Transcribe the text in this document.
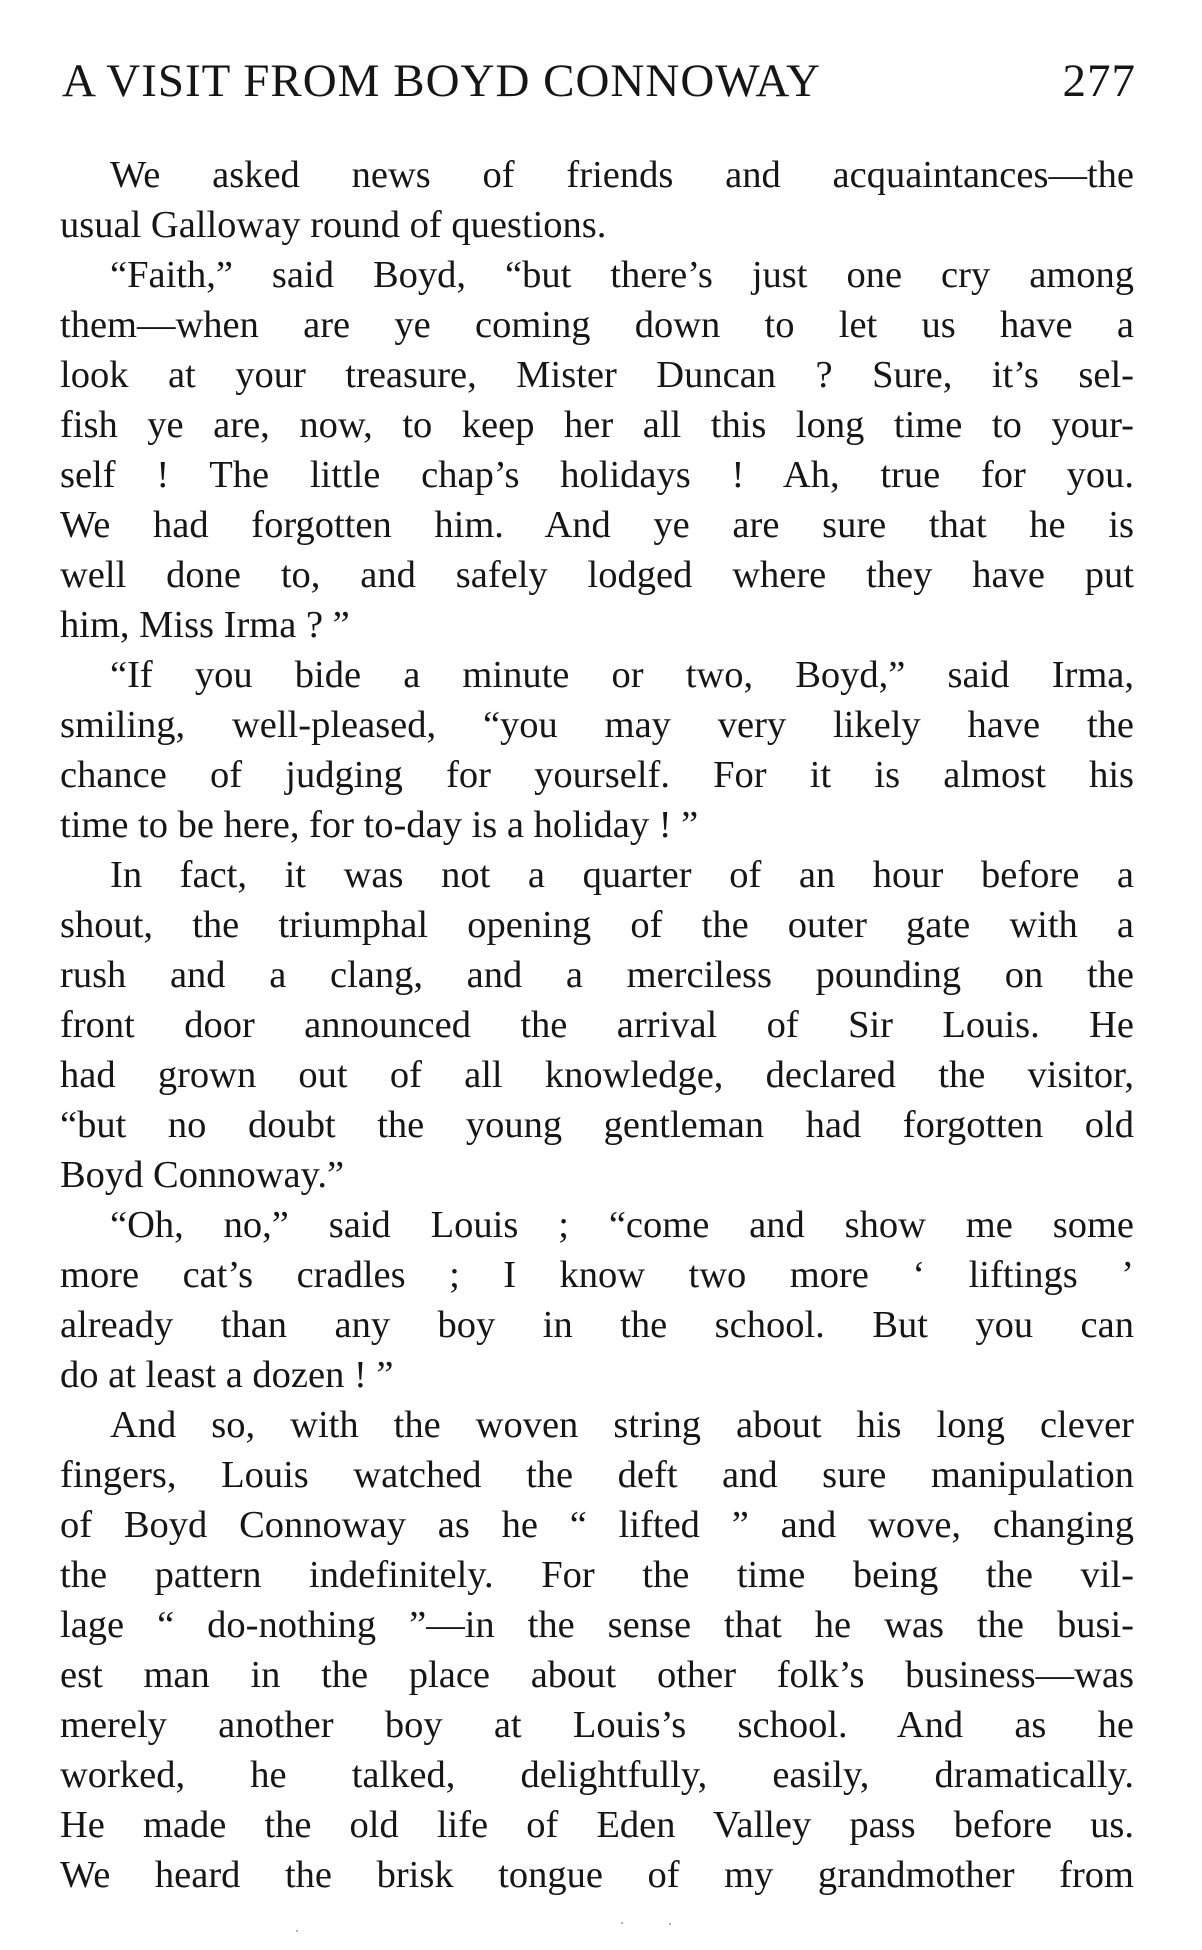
A VISIT FROM BOYD CONNOWAY	277
We asked news of friends and acquaintances—the
usual Galloway round of questions.
“Faith,” said Boyd, “but there’s just one cry among
them—when are ye coming down to let us have a
look at your treasure, Mister Duncan ? Sure, it’s sel-
fish ye are, now, to keep her all this long time to your-
self ! The little chap’s holidays ! Ah, true for you.
We had forgotten him. And ye are sure that he is
well done to, and safely lodged where they have put
him, Miss Irma ? ”
“If you bide a minute or two, Boyd,” said Irma,
smiling, well-pleased, “you may very likely have the
chance of judging for yourself. For it is almost his
time to be here, for to-day is a holiday ! ”
In fact, it was not a quarter of an hour before a
shout, the triumphal opening of the outer gate with a
rush and a clang, and a merciless pounding on the
front door announced the arrival of Sir Louis. He
had grown out of all knowledge, declared the visitor,
“but no doubt the young gentleman had forgotten old
Boyd Connoway.”
“Oh, no,” said Louis ; “come and show me some
more cat’s cradles ; I know two more ‘ liftings ’
already than any boy in the school. But you can
do at least a dozen ! ”
And so, with the woven string about his long clever
fingers, Louis watched the deft and sure manipulation
of Boyd Connoway as he “ lifted ” and wove, changing
the pattern indefinitely. For the time being the vil-
lage “ do-nothing ”—in the sense that he was the busi-
est man in the place about other folk’s business—was
merely another boy at Louis’s school. And as he
worked, he talked, delightfully, easily, dramatically.
He made the old life of Eden Valley pass before us.
We heard the brisk tongue of my grandmother from
